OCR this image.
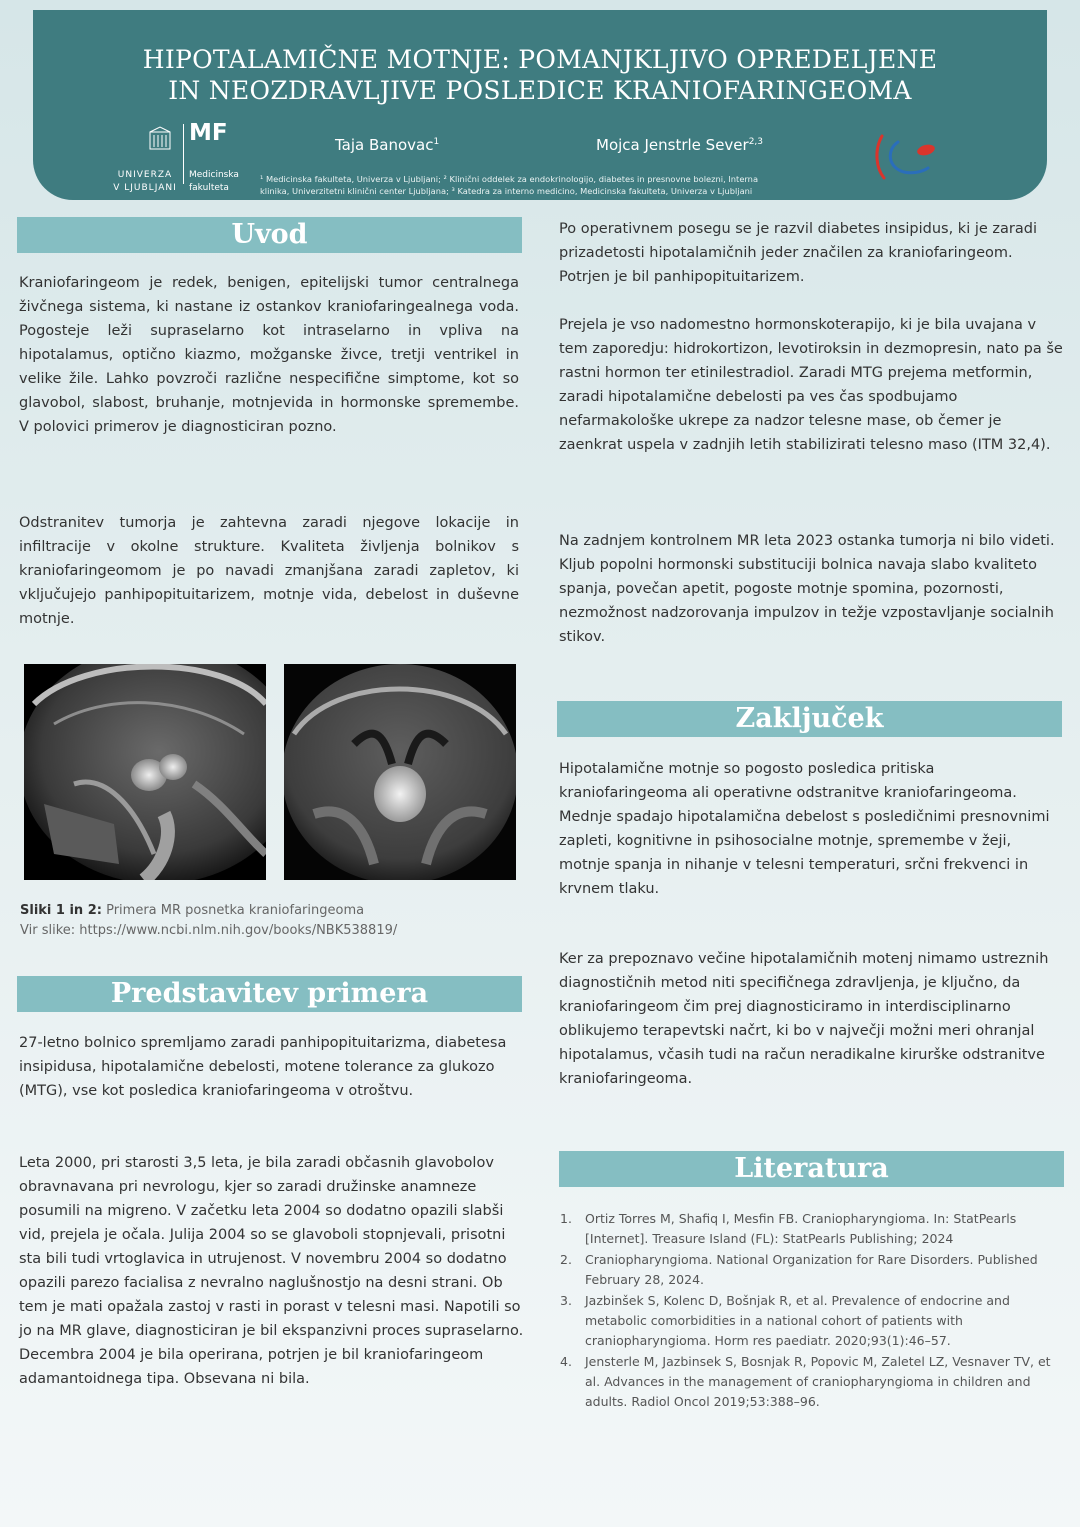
HIPOTALAMIČNE MOTNJE: POMANJKLJIVO OPREDELJENE
IN NEOZDRAVLJIVE POSLEDICE KRANIOFARINGEOMA
MF
UNIVERZA
V LJUBLJANI
Medicinska
fakulteta
Taja Banovac$^1$	Mojca Jenstrle Sever$^{2,3}$
¹ Medicinska fakulteta, Univerza v Ljubljani; ² Klinični oddelek za endokrinologijo, diabetes in presnovne bolezni, Interna
klinika, Univerzitetni klinični center Ljubljana; ³ Katedra za interno medicino, Medicinska fakulteta, Univerza v Ljubljani
Uvod

Kraniofaringeom je redek, benigen, epitelijski tumor centralnega živčnega sistema, ki nastane iz ostankov kraniofaringealnega voda. Pogosteje leži supraselarno kot intraselarno in vpliva na hipotalamus, optično kiazmo, možganske živce, tretji ventrikel in velike žile. Lahko povzroči različne nespecifične simptome, kot so glavobol, slabost, bruhanje, motnjevida in hormonske spremembe. V polovici primerov je diagnosticiran pozno.

Odstranitev tumorja je zahtevna zaradi njegove lokacije in infiltracije v okolne strukture. Kvaliteta življenja bolnikov s kraniofaringeomom je po navadi zmanjšana zaradi zapletov, ki vključujejo panhipopituitarizem, motnje vida, debelost in duševne motnje.

Sliki 1 in 2: Primera MR posnetka kraniofaringeoma
Vir slike: https://www.ncbi.nlm.nih.gov/books/NBK538819/
Predstavitev primera

27-letno bolnico spremljamo zaradi panhipopituitarizma, diabetesa insipidusa, hipotalamične debelosti, motene tolerance za glukozo (MTG), vse kot posledica kraniofaringeoma v otroštvu.

Leta 2000, pri starosti 3,5 leta, je bila zaradi občasnih glavobolov obravnavana pri nevrologu, kjer so zaradi družinske anamneze posumili na migreno. V začetku leta 2004 so dodatno opazili slabši vid, prejela je očala. Julija 2004 so se glavoboli stopnjevali, prisotni sta bili tudi vrtoglavica in utrujenost. V novembru 2004 so dodatno opazili parezo facialisa z nevralno naglušnostjo na desni strani. Ob tem je mati opažala zastoj v rasti in porast v telesni masi. Napotili so jo na MR glave, diagnosticiran je bil ekspanzivni proces supraselarno. Decembra 2004 je bila operirana, potrjen je bil kraniofaringeom adamantoidnega tipa. Obsevana ni bila.

Po operativnem posegu se je razvil diabetes insipidus, ki je zaradi prizadetosti hipotalamičnih jeder značilen za kraniofaringeom. Potrjen je bil panhipopituitarizem.

Prejela je vso nadomestno hormonskoterapijo, ki je bila uvajana v tem zaporedju: hidrokortizon, levotiroksin in dezmopresin, nato pa še rastni hormon ter etinilestradiol. Zaradi MTG prejema metformin, zaradi hipotalamične debelosti pa ves čas spodbujamo nefarmakološke ukrepe za nadzor telesne mase, ob čemer je zaenkrat uspela v zadnjih letih stabilizirati telesno maso (ITM 32,4).

Na zadnjem kontrolnem MR leta 2023 ostanka tumorja ni bilo videti. Kljub popolni hormonski substituciji bolnica navaja slabo kvaliteto spanja, povečan apetit, pogoste motnje spomina, pozornosti, nezmožnost nadzorovanja impulzov in težje vzpostavljanje socialnih stikov.

Zaključek

Hipotalamične motnje so pogosto posledica pritiska kraniofaringeoma ali operativne odstranitve kraniofaringeoma. Mednje spadajo hipotalamična debelost s posledičnimi presnovnimi zapleti, kognitivne in psihosocialne motnje, spremembe v žeji, motnje spanja in nihanje v telesni temperaturi, srčni frekvenci in krvnem tlaku.

Ker za prepoznavo večine hipotalamičnih motenj nimamo ustreznih diagnostičnih metod niti specifičnega zdravljenja, je ključno, da kraniofaringeom čim prej diagnosticiramo in interdisciplinarno oblikujemo terapevtski načrt, ki bo v največji možni meri ohranjal hipotalamus, včasih tudi na račun neradikalne kirurške odstranitve kraniofaringeoma.

Literatura
1. Ortiz Torres M, Shafiq I, Mesfin FB. Craniopharyngioma. In: StatPearls [Internet]. Treasure Island (FL): StatPearls Publishing; 2024
2. Craniopharyngioma. National Organization for Rare Disorders. Published February 28, 2024.
3. Jazbinšek S, Kolenc D, Bošnjak R, et al. Prevalence of endocrine and metabolic comorbidities in a national cohort of patients with craniopharyngioma. Horm res paediatr. 2020;93(1):46–57.
4. Jensterle M, Jazbinsek S, Bosnjak R, Popovic M, Zaletel LZ, Vesnaver TV, et al. Advances in the management of craniopharyngioma in children and adults. Radiol Oncol 2019;53:388–96.
